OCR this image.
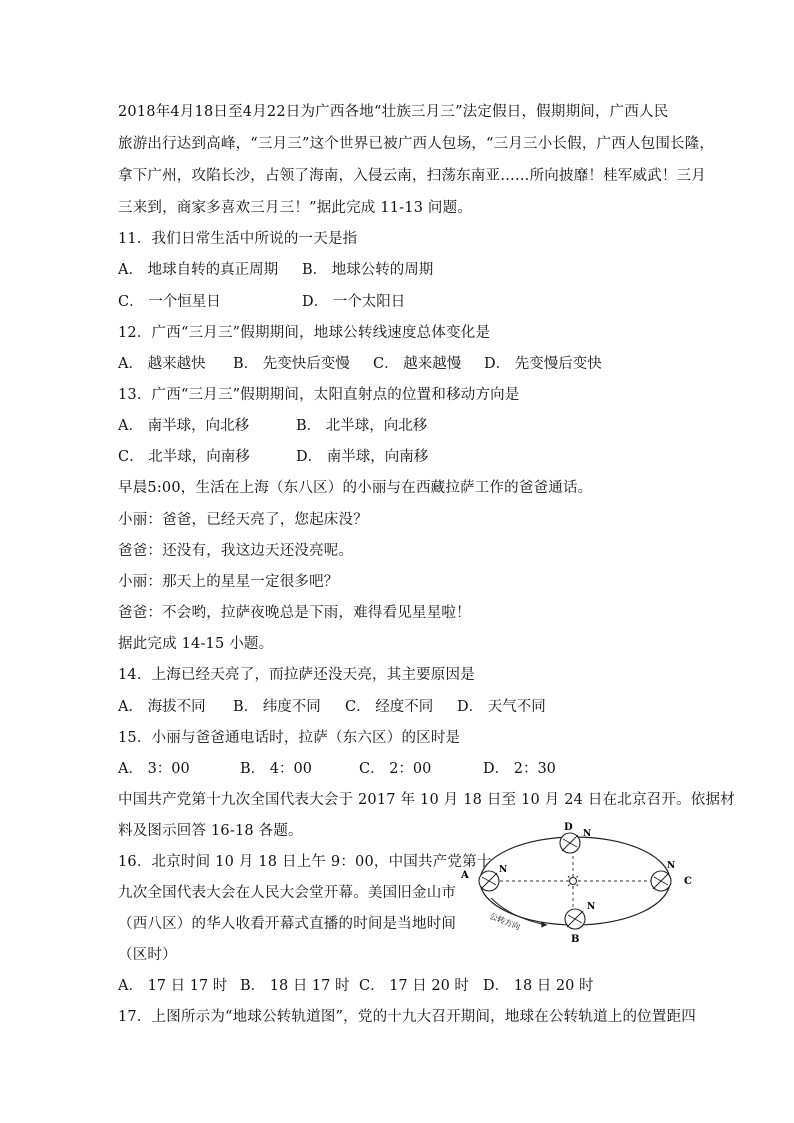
2018年4月18日至4月22日为广西各地“壮族三月三”法定假日，假期期间，广西人民
旅游出行达到高峰，“三月三”这个世界已被广西人包场，“三月三小长假，广西人包围长隆，
拿下广州，攻陷长沙，占领了海南，入侵云南，扫荡东南亚……所向披靡！桂军威武！三月
三来到，商家多喜欢三月三！”据此完成 11-13 问题。
11．我们日常生活中所说的一天是指
A． 地球自转的真正周期 B． 地球公转的周期
C． 一个恒星日	D． 一个太阳日
12．广西“三月三”假期期间，地球公转线速度总体变化是
A． 越来越快 B． 先变快后变慢 C． 越来越慢 D． 先变慢后变快
13．广西“三月三”假期期间，太阳直射点的位置和移动方向是
A． 南半球，向北移	B． 北半球，向北移
C． 北半球，向南移	D． 南半球，向南移
早晨5:00，生活在上海（东八区）的小丽与在西藏拉萨工作的爸爸通话。
小丽：爸爸，已经天亮了，您起床没？
爸爸：还没有，我这边天还没亮呢。
小丽：那天上的星星一定很多吧？
爸爸：不会哟，拉萨夜晚总是下雨，难得看见星星啦！
据此完成 14-15 小题。
14．上海已经天亮了，而拉萨还没天亮，其主要原因是
A． 海拔不同 B． 纬度不同 C． 经度不同 D． 天气不同
15．小丽与爸爸通电话时，拉萨（东六区）的区时是
A． 3：00	B． 4：00	C． 2：00	D． 2：30
中国共产党第十九次全国代表大会于 2017 年 10 月 18 日至 10 月 24 日在北京召开。依据材
料及图示回答 16-18 各题。
16．北京时间 10 月 18 日上午 9：00，中国共产党第十
九次全国代表大会在人民大会堂开幕。美国旧金山市
（西八区）的华人收看开幕式直播的时间是当地时间
（区时）
A． 17 日 17 时 B． 18 日 17 时 C． 17 日 20 时 D． 18 日 20 时
17．上图所示为“地球公转轨道图”，党的十九大召开期间，地球在公转轨道上的位置距四
D
N
A	N
C
N
B
N
公转方向
